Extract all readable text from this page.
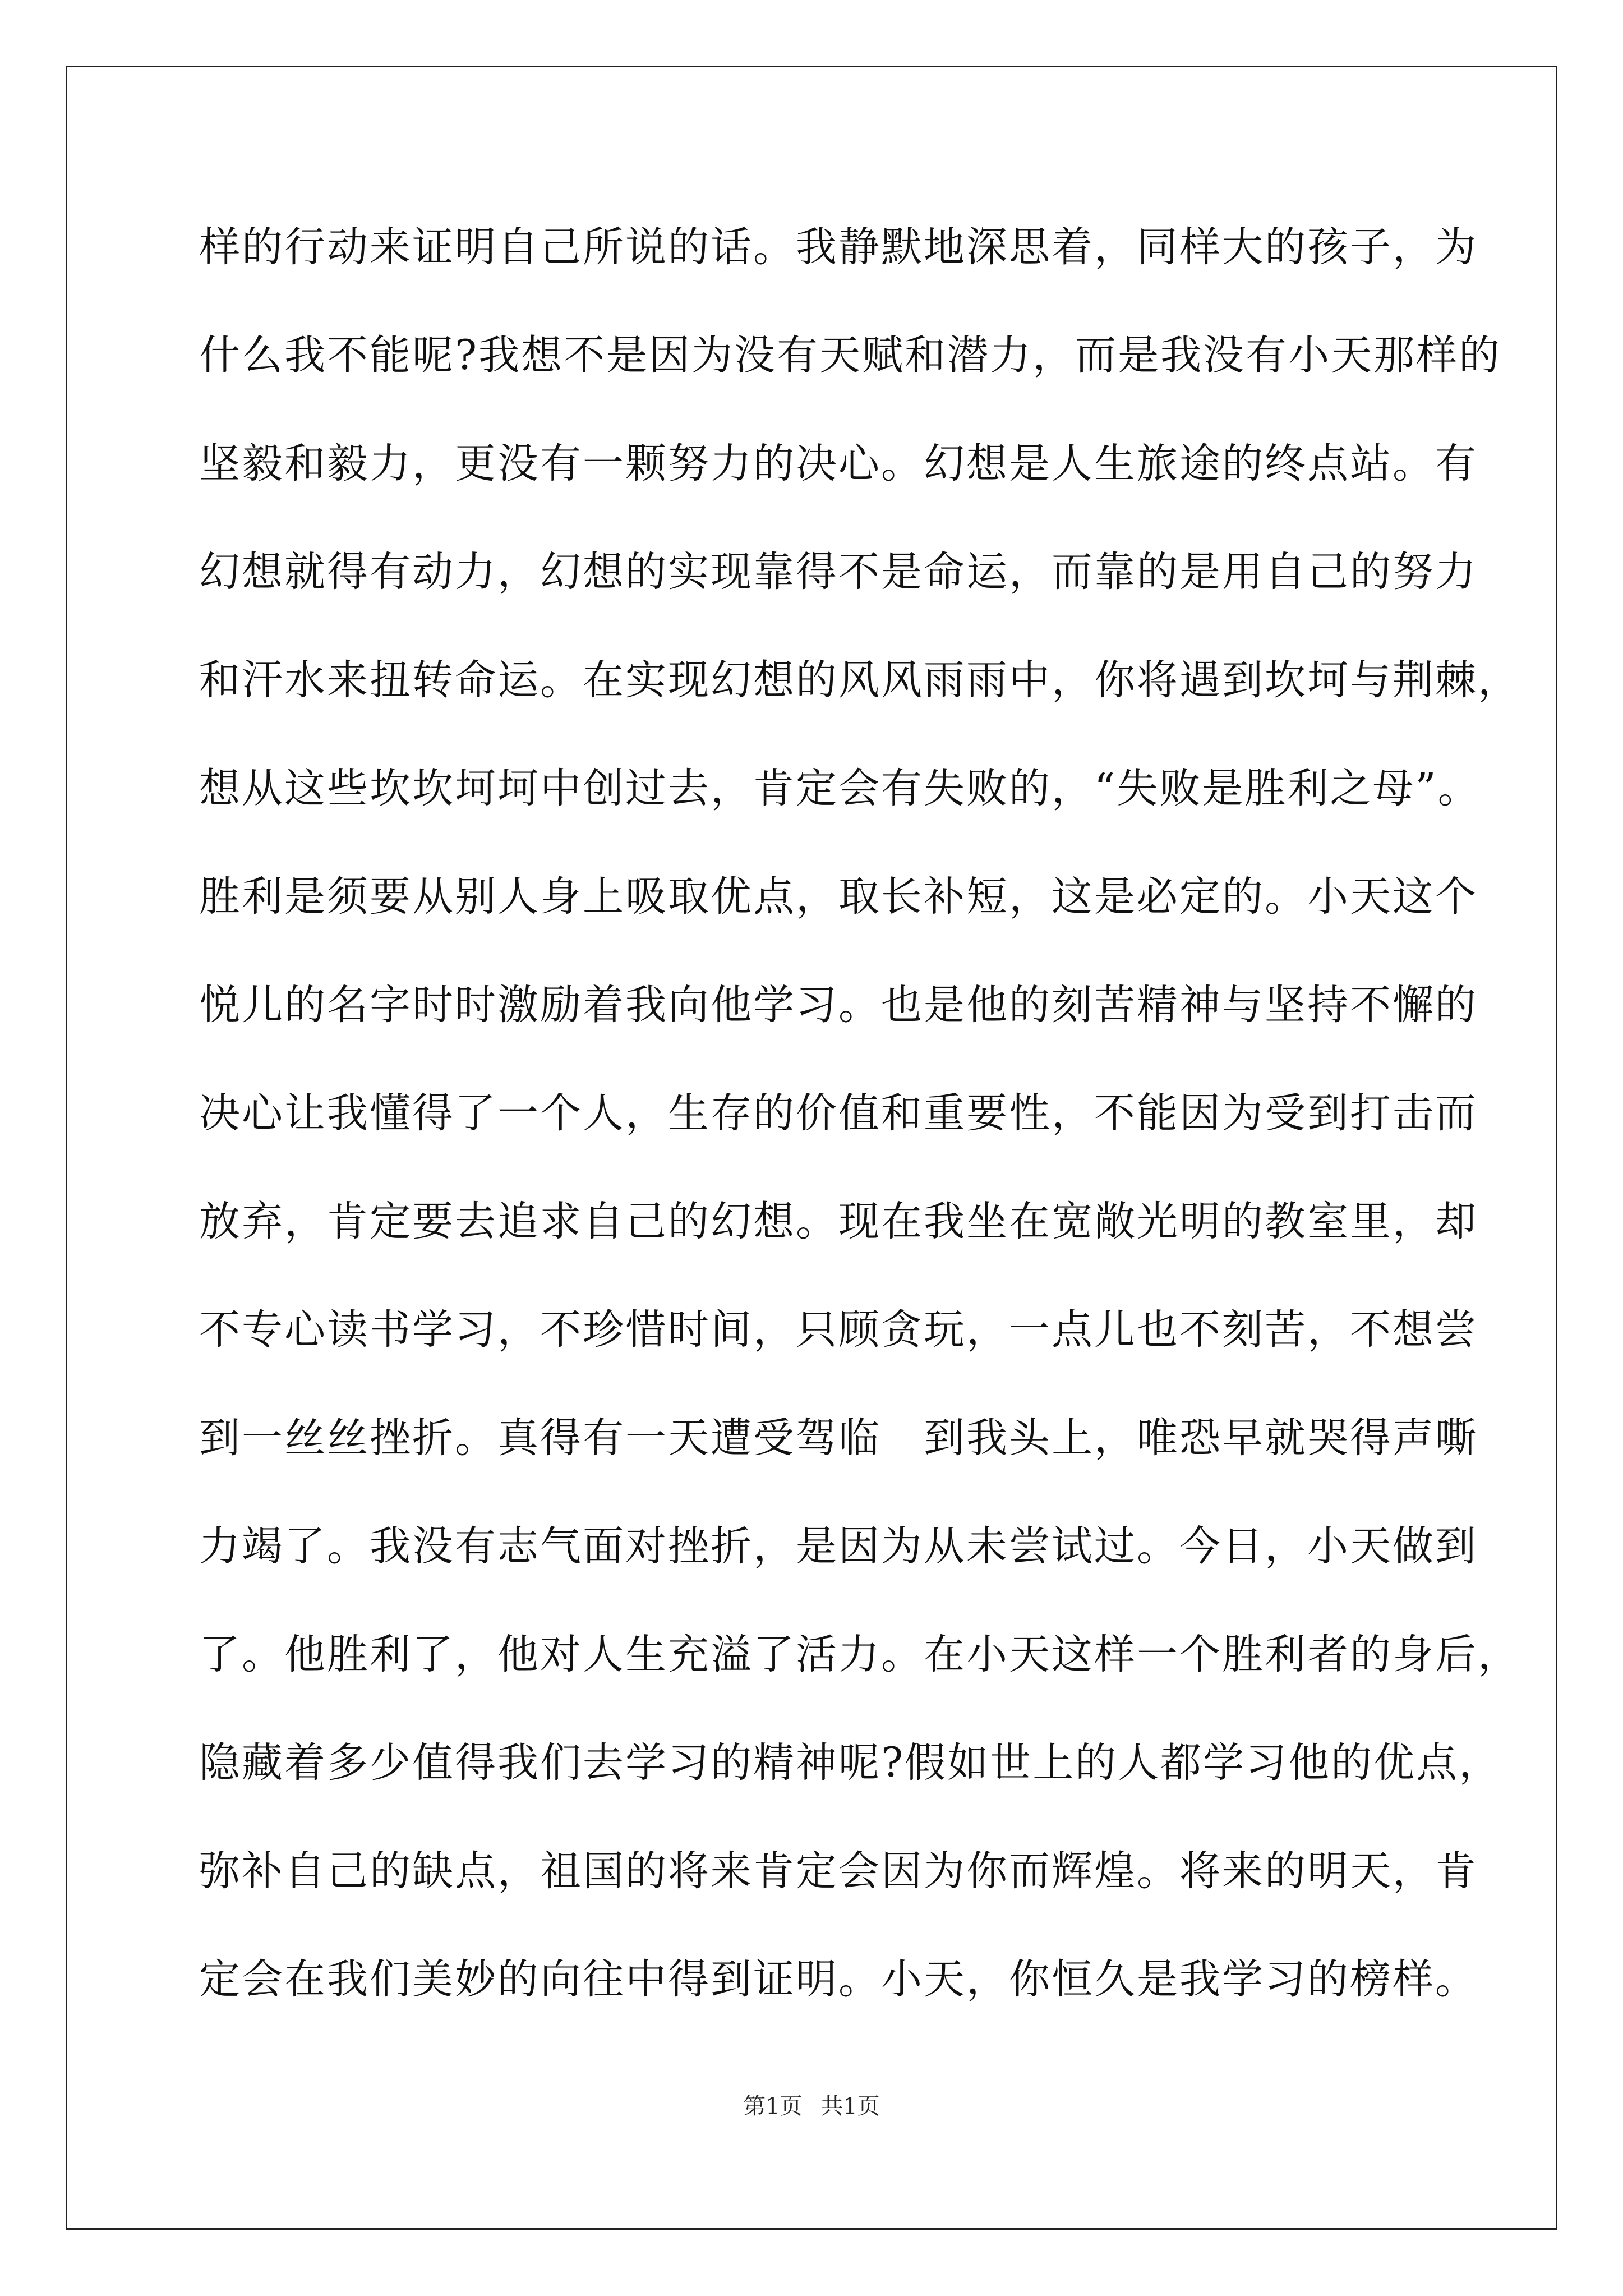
样的行动来证明自己所说的话。我静默地深思着，同样大的孩子，为
什么我不能呢?我想不是因为没有天赋和潜力，而是我没有小天那样的
坚毅和毅力，更没有一颗努力的决心。幻想是人生旅途的终点站。有
幻想就得有动力，幻想的实现靠得不是命运，而靠的是用自己的努力
和汗水来扭转命运。在实现幻想的风风雨雨中，你将遇到坎坷与荆棘，
想从这些坎坎坷坷中创过去，肯定会有失败的，“失败是胜利之母”。
胜利是须要从别人身上吸取优点，取长补短，这是必定的。小天这个
悦儿的名字时时激励着我向他学习。也是他的刻苦精神与坚持不懈的
决心让我懂得了一个人，生存的价值和重要性，不能因为受到打击而
放弃，肯定要去追求自己的幻想。现在我坐在宽敞光明的教室里，却
不专心读书学习，不珍惜时间，只顾贪玩，一点儿也不刻苦，不想尝
到一丝丝挫折。真得有一天遭受驾临　到我头上，唯恐早就哭得声嘶
力竭了。我没有志气面对挫折，是因为从未尝试过。今日，小天做到
了。他胜利了，他对人生充溢了活力。在小天这样一个胜利者的身后，
隐藏着多少值得我们去学习的精神呢?假如世上的人都学习他的优点，
弥补自己的缺点，祖国的将来肯定会因为你而辉煌。将来的明天，肯
定会在我们美妙的向往中得到证明。小天，你恒久是我学习的榜样。
第1页 共1页
